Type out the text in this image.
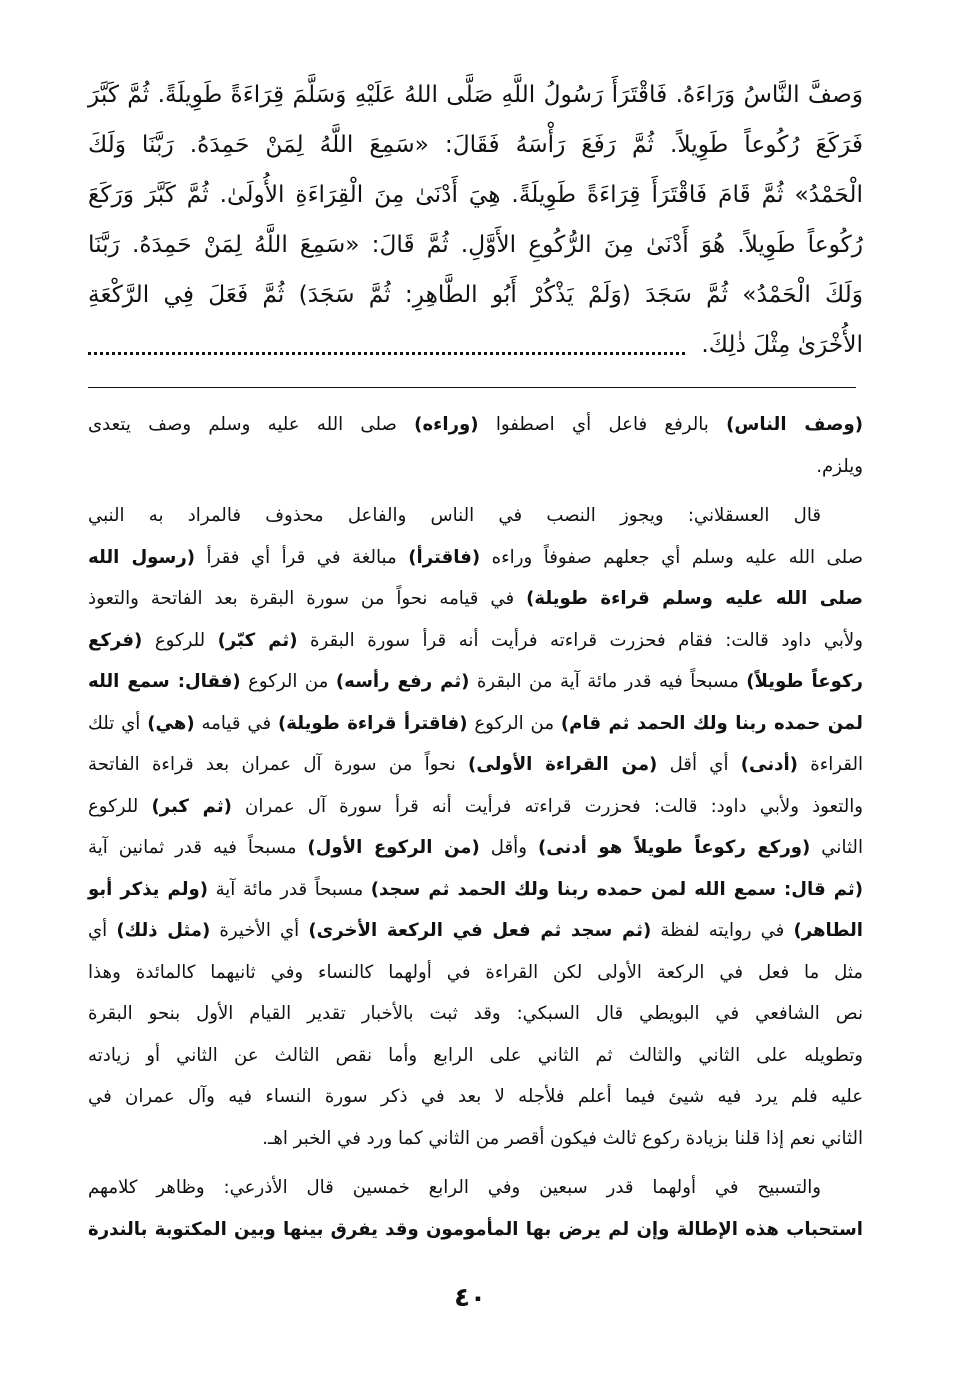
وَصفَّ النَّاسُ وَرَاءَهُ. فَاقْتَرَأَ رَسُولُ اللَّهِ صَلَّى اللهُ عَلَيْهِ وَسَلَّمَ قِرَاءَةً طَوِيلَةً. ثُمَّ كَبَّرَ
فَرَكَعَ رُكُوعاً طَوِيلاً. ثُمَّ رَفَعَ رَأْسَهُ فَقَالَ: «سَمِعَ اللَّهُ لِمَنْ حَمِدَهُ. رَبَّنَا وَلَكَ
الْحَمْدُ» ثُمَّ قَامَ فَاقْتَرَأَ قِرَاءَةً طَوِيلَةً. هِيَ أَدْنَىٰ مِنَ الْقِرَاءَةِ الأُولَىٰ. ثُمَّ كَبَّرَ وَرَكَعَ
رُكُوعاً طَوِيلاً. هُوَ أَدْنَىٰ مِنَ الرُّكُوعِ الأَوَّلِ. ثُمَّ قَالَ: «سَمِعَ اللَّهُ لِمَنْ حَمِدَهُ. رَبَّنَا
وَلَكَ الْحَمْدُ» ثُمَّ سَجَدَ (وَلَمْ يَذْكُرْ أَبُو الطَّاهِرِ: ثُمَّ سَجَدَ) ثُمَّ فَعَلَ فِي الرَّكْعَةِ
الأُخْرَىٰ مِثْلَ ذٰلِكَ.
(وصف الناس) بالرفع فاعل أي اصطفوا (وراءه) صلى الله عليه وسلم وصف يتعدى
ويلزم.
قال العسقلاني: ويجوز النصب في الناس والفاعل محذوف فالمراد به النبي
صلى الله عليه وسلم أي جعلهم صفوفاً وراءه (فاقترأ) مبالغة في قرأ أي فقرأ (رسول الله
صلى الله عليه وسلم قراءة طويلة) في قيامه نحواً من سورة البقرة بعد الفاتحة والتعوذ
ولأبي داود قالت: فقام فحزرت قراءته فرأيت أنه قرأ سورة البقرة (ثم كبّر) للركوع (فركع
ركوعاً طويلاً) مسبحاً فيه قدر مائة آية من البقرة (ثم رفع رأسه) من الركوع (فقال: سمع الله
لمن حمده ربنا ولك الحمد ثم قام) من الركوع (فاقترأ قراءة طويلة) في قيامه (هي) أي تلك
القراءة (أدنى) أي أقل (من القراءة الأولى) نحواً من سورة آل عمران بعد قراءة الفاتحة
والتعوذ ولأبي داود: قالت: فحزرت قراءته فرأيت أنه قرأ سورة آل عمران (ثم كبر) للركوع
الثاني (وركع ركوعاً طويلاً هو أدنى) وأقل (من الركوع الأول) مسبحاً فيه قدر ثمانين آية
(ثم قال: سمع الله لمن حمده ربنا ولك الحمد ثم سجد) مسبحاً قدر مائة آية (ولم يذكر أبو
الطاهر) في روايته لفظة (ثم سجد ثم فعل في الركعة الأخرى) أي الأخيرة (مثل ذلك) أي
مثل ما فعل في الركعة الأولى لكن القراءة في أولهما كالنساء وفي ثانيهما كالمائدة وهذا
نص الشافعي في البويطي قال السبكي: وقد ثبت بالأخبار تقدير القيام الأول بنحو البقرة
وتطويله على الثاني والثالث ثم الثاني على الرابع وأما نقص الثالث عن الثاني أو زيادته
عليه فلم يرد فيه شيئ فيما أعلم فلأجله لا بعد في ذكر سورة النساء فيه وآل عمران في
الثاني نعم إذا قلنا بزيادة ركوع ثالث فيكون أقصر من الثاني كما ورد في الخبر اهـ.
والتسبيح في أولهما قدر سبعين وفي الرابع خمسين قال الأذرعي: وظاهر كلامهم
استحباب هذه الإطالة وإن لم يرض بها المأمومون وقد يفرق بينها وبين المكتوبة بالندرة
٤٠
